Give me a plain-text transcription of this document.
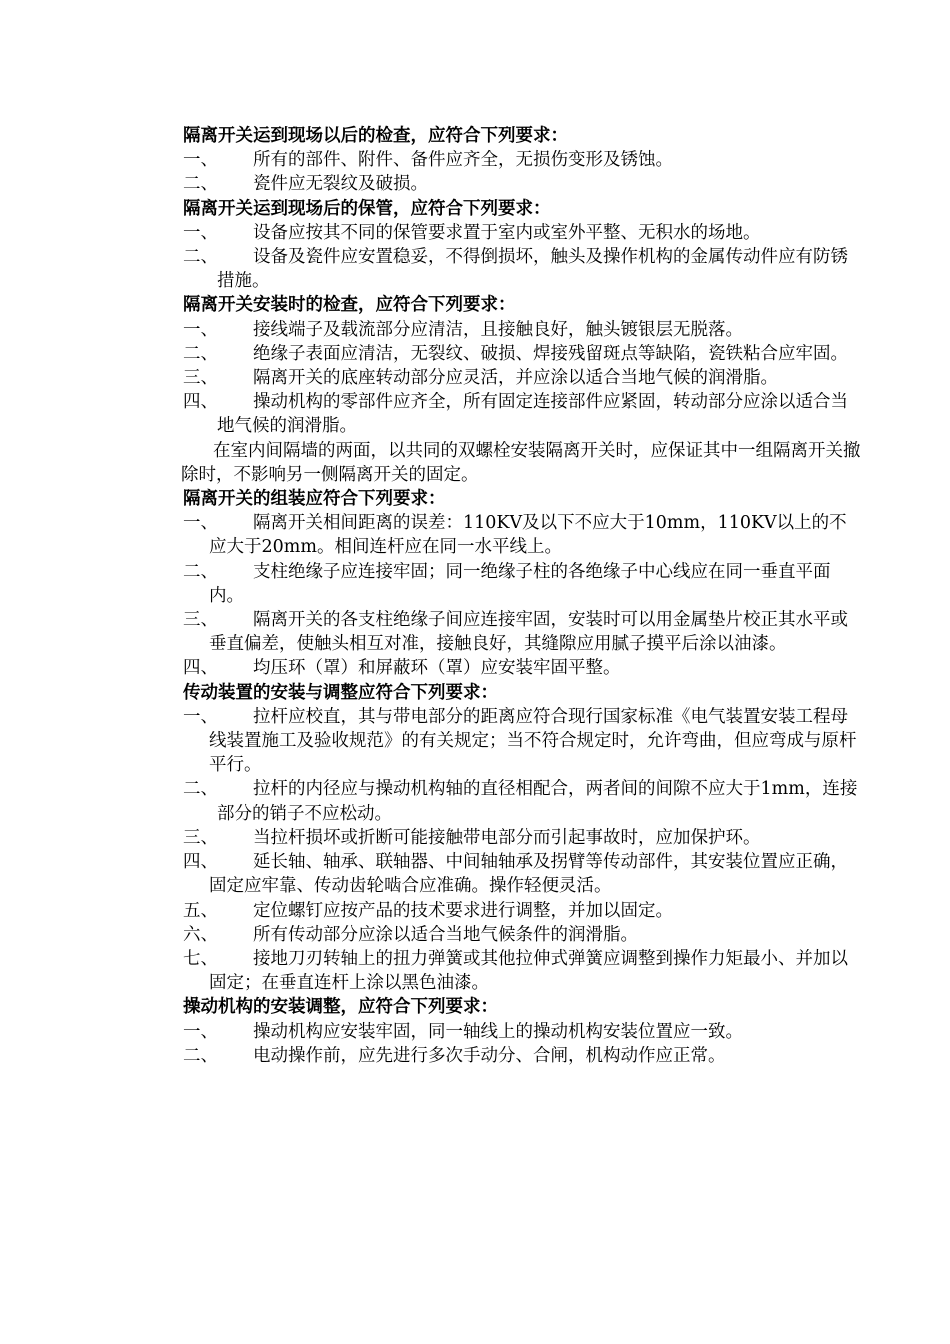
隔离开关运到现场以后的检查，应符合下列要求：
一、 所有的部件、附件、备件应齐全，无损伤变形及锈蚀。
二、 瓷件应无裂纹及破损。
隔离开关运到现场后的保管，应符合下列要求：
一、	设备应按其不同的保管要求置于室内或室外平整、无积水的场地。
二、	设备及瓷件应安置稳妥，不得倒损坏，触头及操作机构的金属传动件应有防锈措施。
隔离开关安装时的检查，应符合下列要求：
一、	接线端子及载流部分应清洁，且接触良好，触头镀银层无脱落。
二、	绝缘子表面应清洁，无裂纹、破损、焊接残留斑点等缺陷，瓷铁粘合应牢固。
三、	隔离开关的底座转动部分应灵活，并应涂以适合当地气候的润滑脂。
四、	操动机构的零部件应齐全，所有固定连接部件应紧固，转动部分应涂以适合当地气候的润滑脂。
在室内间隔墙的两面，以共同的双螺栓安装隔离开关时，应保证其中一组隔离开关撤除时，不影响另一侧隔离开关的固定。
隔离开关的组装应符合下列要求：
一、	隔离开关相间距离的误差：110KV及以下不应大于10mm，110KV以上的不应大于20mm。相间连杆应在同一水平线上。
二、	支柱绝缘子应连接牢固；同一绝缘子柱的各绝缘子中心线应在同一垂直平面内。
三、	隔离开关的各支柱绝缘子间应连接牢固，安装时可以用金属垫片校正其水平或垂直偏差，使触头相互对准，接触良好，其缝隙应用腻子摸平后涂以油漆。
四、 均压环（罩）和屏蔽环（罩）应安装牢固平整。
传动装置的安装与调整应符合下列要求：
一、	拉杆应校直，其与带电部分的距离应符合现行国家标准《电气装置安装工程母线装置施工及验收规范》的有关规定；当不符合规定时，允许弯曲，但应弯成与原杆平行。
二、	拉杆的内径应与操动机构轴的直径相配合，两者间的间隙不应大于1mm，连接部分的销子不应松动。
三、	当拉杆损坏或折断可能接触带电部分而引起事故时，应加保护环。
四、	延长轴、轴承、联轴器、中间轴轴承及拐臂等传动部件，其安装位置应正确，固定应牢靠、传动齿轮啮合应准确。操作轻便灵活。
五、 定位螺钉应按产品的技术要求进行调整，并加以固定。
六、 所有传动部分应涂以适合当地气候条件的润滑脂。
七、	接地刀刃转轴上的扭力弹簧或其他拉伸式弹簧应调整到操作力矩最小、并加以固定；在垂直连杆上涂以黑色油漆。
操动机构的安装调整，应符合下列要求：
一、 操动机构应安装牢固，同一轴线上的操动机构安装位置应一致。
二、 电动操作前，应先进行多次手动分、合闸，机构动作应正常。
